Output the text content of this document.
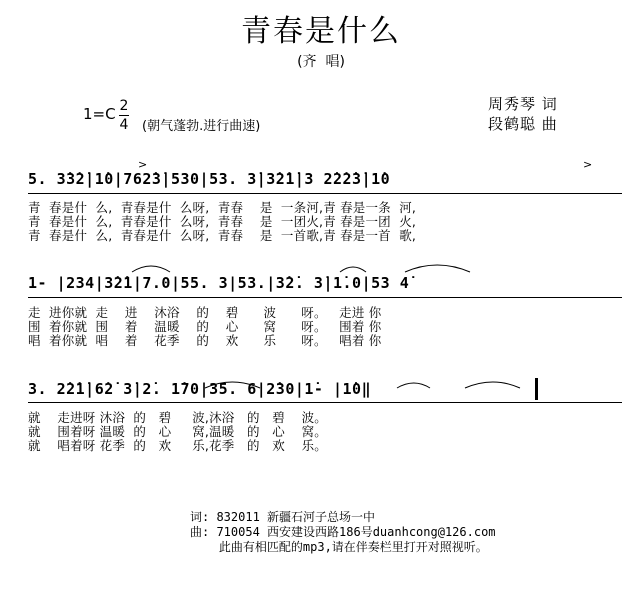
青春是什么
(齐  唱)
1=C 2
4 (朝气蓬勃.进行曲速)
周秀琴 词
段鹤聪 曲
5. 3̇3̇2̇|1̇0|762̇3̇|530|53. 3̇|3̇2̇1̇|3 2̇2̇2̇3̇|1̇0
>	>
青  春是什  么,  青春是什  么呀,  青春    是  一条河,青 春是一条  河,
青  春是什  么,  青春是什  么呀,  青春    是  一团火,青 春是一团  火,
青  春是什  么,  青春是什  么呀,  青春    是  一首歌,青 春是一首  歌,
1- |234|3̇2̇1|7.0|55. 3|53.|3̇2̇. 3̇|1̇.0|53 4̇
走  进你就  走    进    沐浴    的    碧      波      呀。   走进 你
围  着你就  围    着    温暖    的    心      窝      呀。   围着 你
唱  着你就  唱    着    花季    的    欢      乐      呀。   唱着 你
3. 2̇2̇1̇|6̇2̇ 3̇|2̇. 1̇70|35. 6|2̇30|1̇- |1̇0‖
就    走进呀 沐浴  的   碧     波,沐浴   的   碧    波。
就    围着呀 温暖  的   心     窝,温暖   的   心    窝。
就    唱着呀 花季  的   欢     乐,花季   的   欢    乐。
词: 832011 新疆石河子总场一中
曲: 710054 西安建设西路186号duanhcong@126.com
此曲有相匹配的mp3,请在伴奏栏里打开对照视听。
